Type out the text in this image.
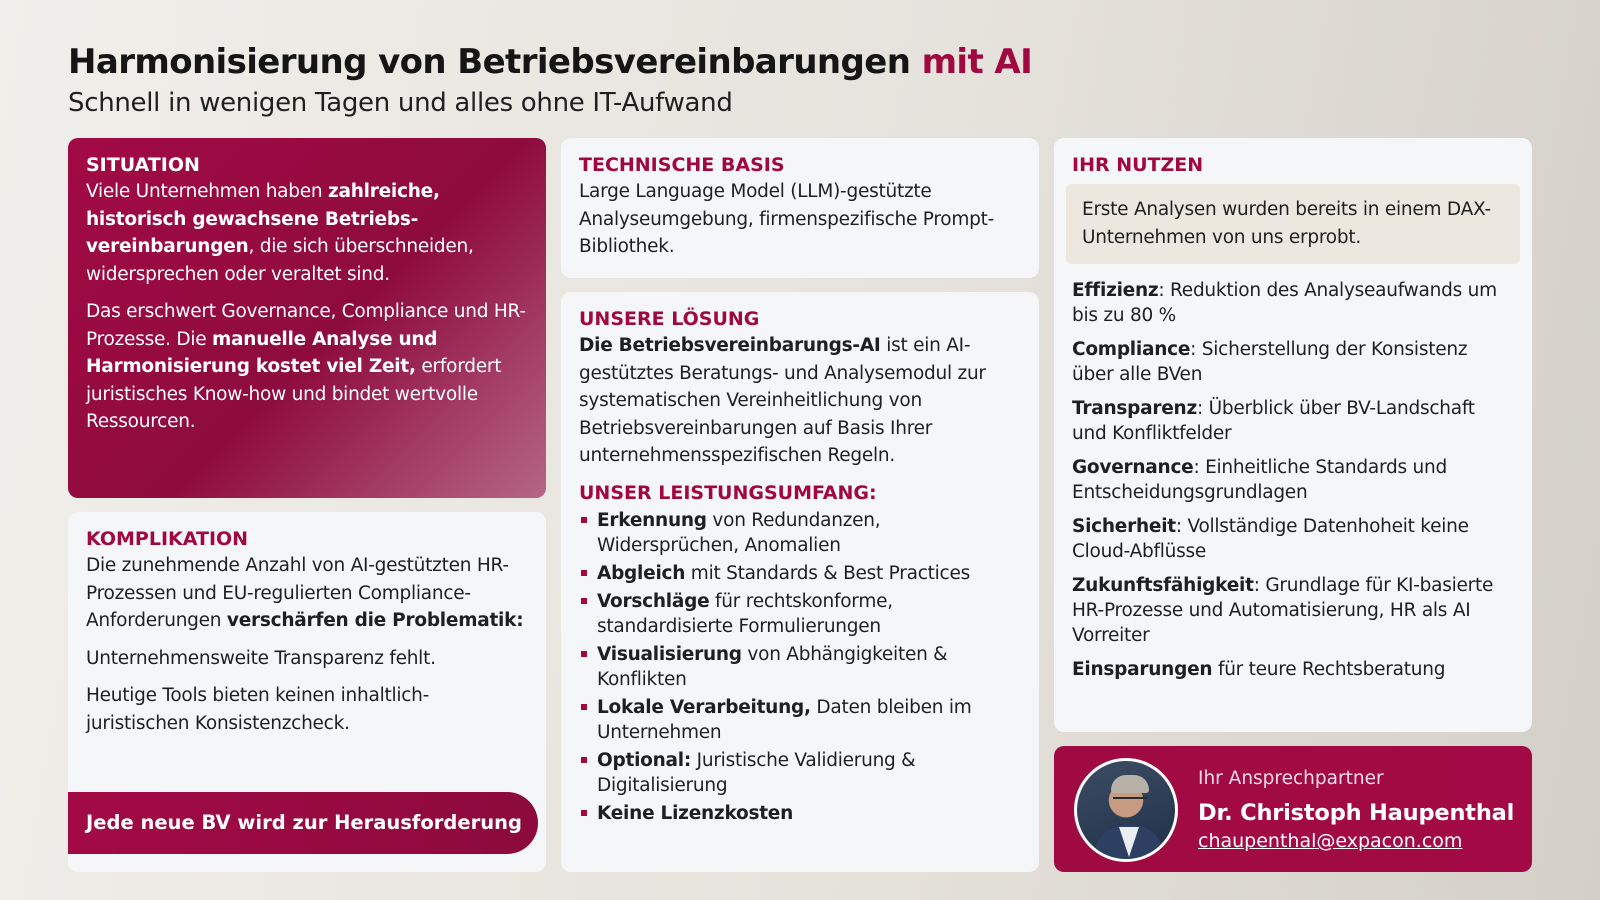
Harmonisierung von Betriebsvereinbarungen mit AI
Schnell in wenigen Tagen und alles ohne IT-Aufwand
SITUATION
Viele Unternehmen haben zahlreiche, historisch gewachsene Betriebs-vereinbarungen, die sich überschneiden, widersprechen oder veraltet sind.
Das erschwert Governance, Compliance und HR-Prozesse. Die manuelle Analyse und Harmonisierung kostet viel Zeit, erfordert juristisches Know-how und bindet wertvolle Ressourcen.
KOMPLIKATION
Die zunehmende Anzahl von AI-gestützten HR-Prozessen und EU-regulierten Compliance-Anforderungen verschärfen die Problematik:
Unternehmensweite Transparenz fehlt.
Heutige Tools bieten keinen inhaltlich-juristischen Konsistenzcheck.
Jede neue BV wird zur Herausforderung
TECHNISCHE BASIS
Large Language Model (LLM)-gestützte Analyseumgebung, firmenspezifische Prompt-Bibliothek.
UNSERE LÖSUNG
Die Betriebsvereinbarungs-AI ist ein AI-gestütztes Beratungs- und Analysemodul zur systematischen Vereinheitlichung von Betriebsvereinbarungen auf Basis Ihrer unternehmensspezifischen Regeln.
UNSER LEISTUNGSUMFANG:
Erkennung von Redundanzen, Widersprüchen, Anomalien
Abgleich mit Standards & Best Practices
Vorschläge für rechtskonforme, standardisierte Formulierungen
Visualisierung von Abhängigkeiten & Konflikten
Lokale Verarbeitung, Daten bleiben im Unternehmen
Optional: Juristische Validierung & Digitalisierung
Keine Lizenzkosten
IHR NUTZEN
Erste Analysen wurden bereits in einem DAX-Unternehmen von uns erprobt.
Effizienz: Reduktion des Analyseaufwands um bis zu 80 %
Compliance: Sicherstellung der Konsistenz über alle BVen
Transparenz: Überblick über BV-Landschaft und Konfliktfelder
Governance: Einheitliche Standards und Entscheidungsgrundlagen
Sicherheit: Vollständige Datenhoheit keine Cloud-Abflüsse
Zukunftsfähigkeit: Grundlage für KI-basierte HR-Prozesse und Automatisierung, HR als AI Vorreiter
Einsparungen für teure Rechtsberatung
Ihr Ansprechpartner
Dr. Christoph Haupenthal
chaupenthal@expacon.com
